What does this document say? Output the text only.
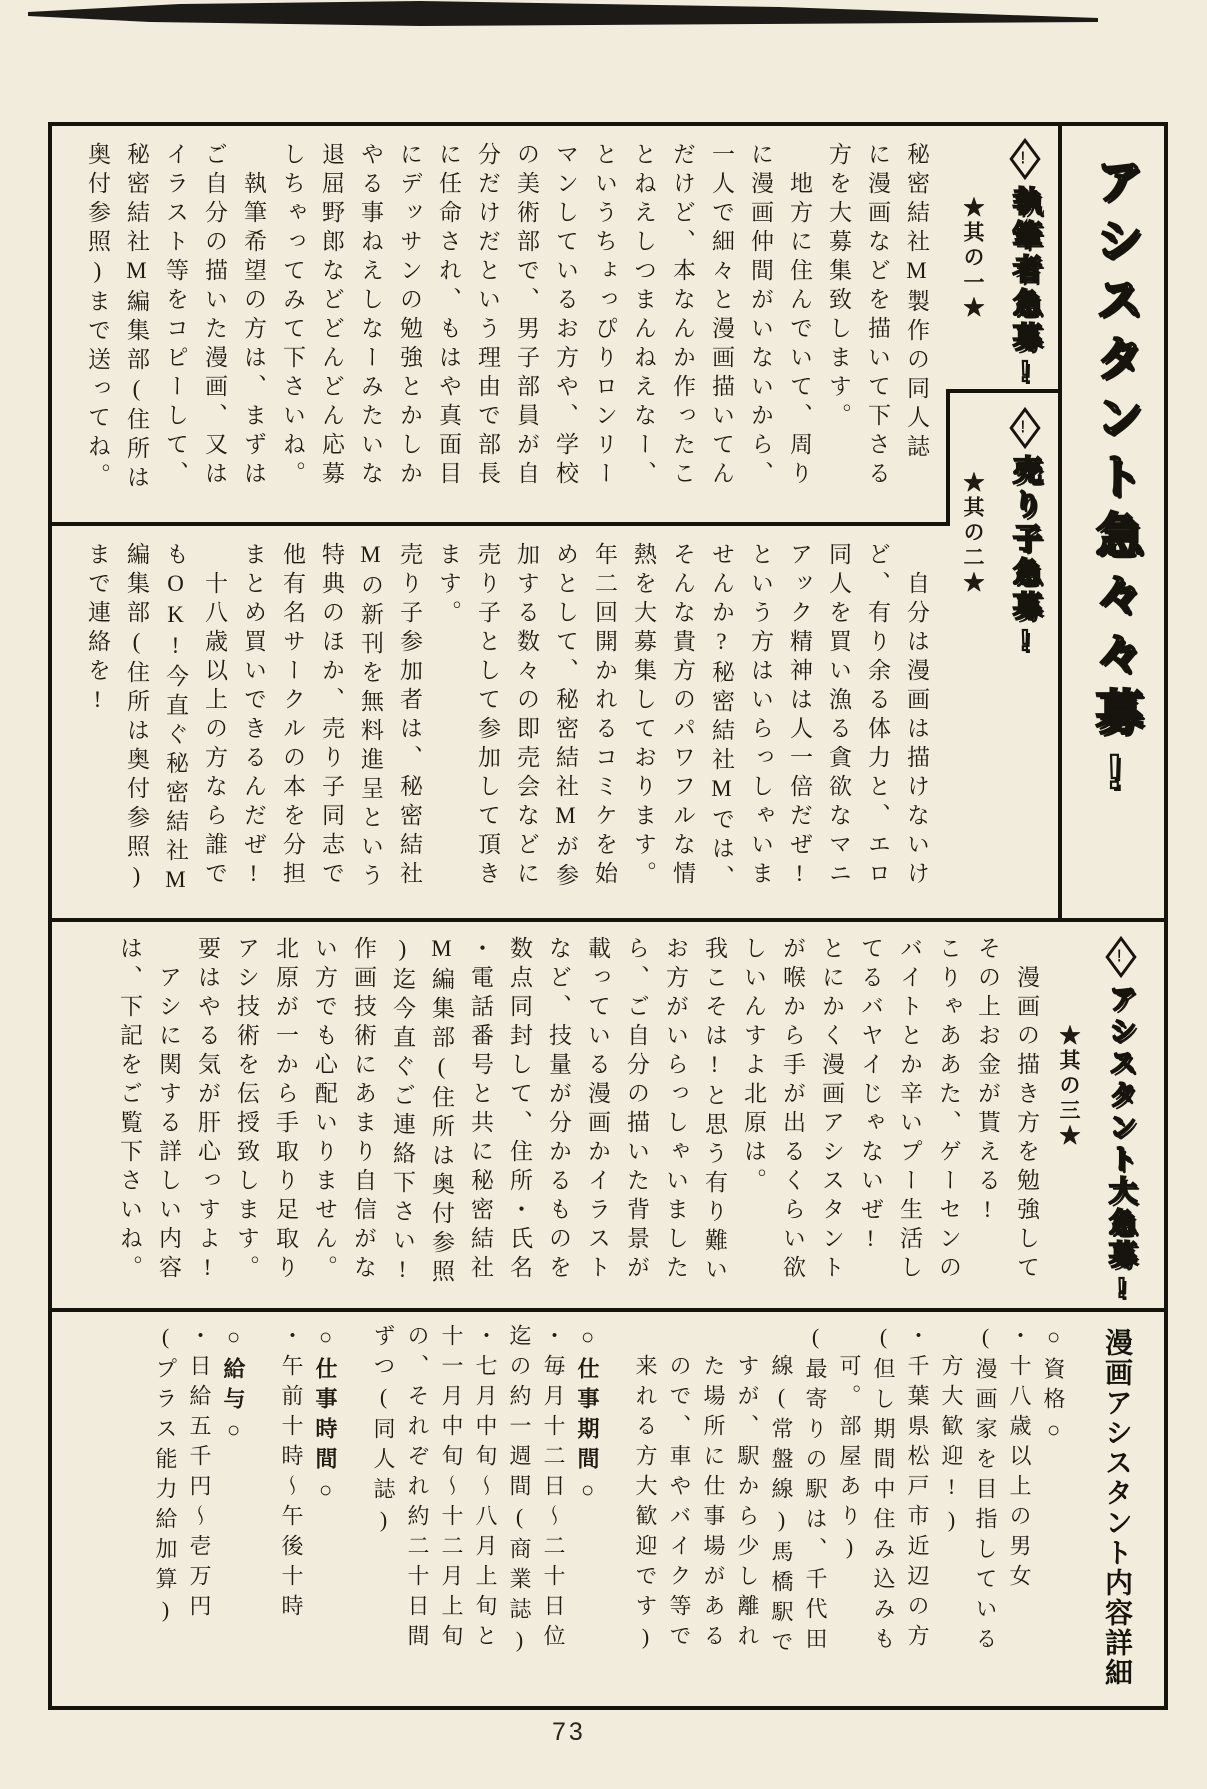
アシスタント急々々募!
!
執筆者急募!
★其の一★
秘密結社M製作の同人誌
に漫画などを描いて下さる
方を大募集致します。
　地方に住んでいて、周り
に漫画仲間がいないから、
一人で細々と漫画描いてん
だけど、本なんか作ったこ
とねえしつまんねえなー、
というちょっぴりロンリー
マンしているお方や、学校
の美術部で、男子部員が自
分だけだという理由で部長
に任命され、もはや真面目
にデッサンの勉強とかしか
やる事ねえしなーみたいな
退屈野郎などどんどん応募
しちゃってみて下さいね。
　執筆希望の方は、まずは
ご自分の描いた漫画、又は
イラスト等をコピーして、
秘密結社M編集部(住所は
奥付参照)まで送ってね。	!
売り子急募!
★其の二★
　自分は漫画は描けないけ
ど、有り余る体力と、エロ
同人を買い漁る貪欲なマニ
アック精神は人一倍だぜ!
という方はいらっしゃいま
せんか?秘密結社Mでは、
そんな貴方のパワフルな情
熱を大募集しております。
年二回開かれるコミケを始
めとして、秘密結社Mが参
加する数々の即売会などに
売り子として参加して頂き
ます。
売り子参加者は、秘密結社
Mの新刊を無料進呈という
特典のほか、売り子同志で
他有名サークルの本を分担
まとめ買いできるんだぜ!
　十八歳以上の方なら誰で
もOK!今直ぐ秘密結社M
編集部(住所は奥付参照)
まで連絡を!
!
アシスタント大急募!
★其の三★
　漫画の描き方を勉強して
その上お金が貰える!
こりゃああた、ゲーセンの
バイトとか辛いプー生活し
てるバヤイじゃないぜ!
とにかく漫画アシスタント
が喉から手が出るくらい欲
しいんすよ北原は。
我こそは!と思う有り難い
お方がいらっしゃいました
ら、ご自分の描いた背景が
載っている漫画かイラスト
など、技量が分かるものを
数点同封して、住所・氏名
・電話番号と共に秘密結社
M編集部(住所は奥付参照
)迄今直ぐご連絡下さい!
作画技術にあまり自信がな
い方でも心配いりません。
北原が一から手取り足取り
アシ技術を伝授致します。
要はやる気が肝心っすよ!
　アシに関する詳しい内容
は、下記をご覧下さいね。
漫画アシスタント内容詳細
○資格○
・十八歳以上の男女
(漫画家を目指している
　方大歓迎!)
・千葉県松戸市近辺の方
(但し期間中住み込みも
　可。部屋あり)
(最寄りの駅は、千代田
　線(常盤線)馬橋駅で
　すが、駅から少し離れ
　た場所に仕事場がある
　ので、車やバイク等で
　来れる方大歓迎です)
○仕事期間○
・毎月十二日〜二十日位
迄の約一週間(商業誌)
・七月中旬〜八月上旬と
十一月中旬〜十二月上旬
の、それぞれ約二十日間
ずつ(同人誌)
○仕事時間○
・午前十時〜午後十時
○給与○
・日給五千円〜壱万円
(プラス能力給加算)
73
